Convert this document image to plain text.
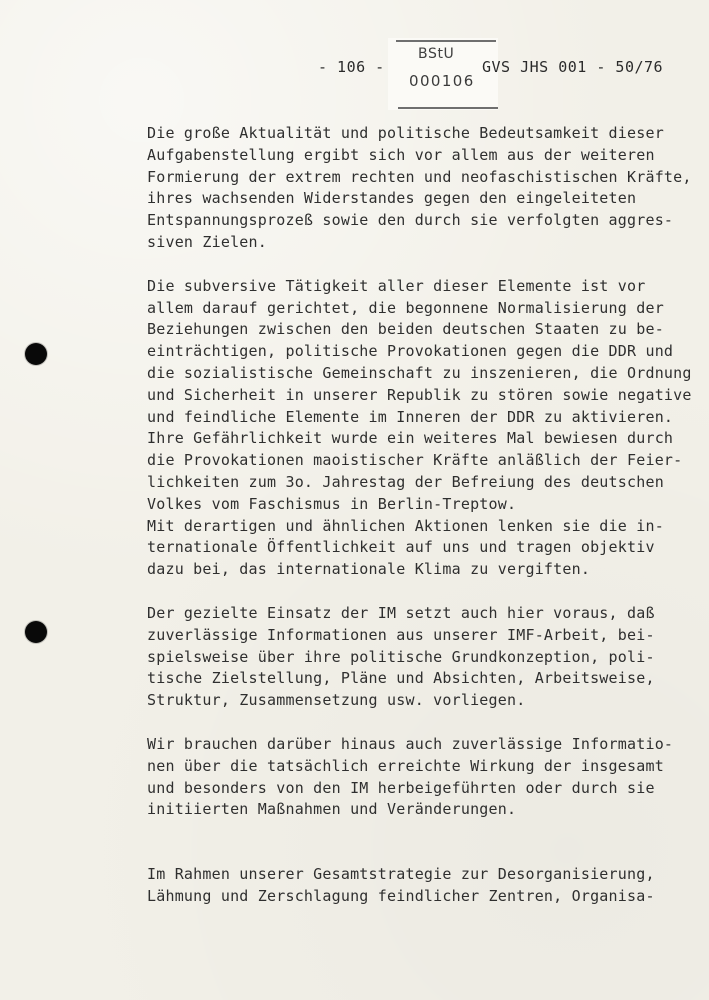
- 106 -
BStU
000106
GVS JHS 001 - 50/76

Die große Aktualität und politische Bedeutsamkeit dieser
Aufgabenstellung ergibt sich vor allem aus der weiteren
Formierung der extrem rechten und neofaschistischen Kräfte,
ihres wachsenden Widerstandes gegen den eingeleiteten
Entspannungsprozeß sowie den durch sie verfolgten aggres-
siven Zielen.

Die subversive Tätigkeit aller dieser Elemente ist vor
allem darauf gerichtet, die begonnene Normalisierung der
Beziehungen zwischen den beiden deutschen Staaten zu be-
einträchtigen, politische Provokationen gegen die DDR und
die sozialistische Gemeinschaft zu inszenieren, die Ordnung
und Sicherheit in unserer Republik zu stören sowie negative
und feindliche Elemente im Inneren der DDR zu aktivieren.
Ihre Gefährlichkeit wurde ein weiteres Mal bewiesen durch
die Provokationen maoistischer Kräfte anläßlich der Feier-
lichkeiten zum 3o. Jahrestag der Befreiung des deutschen
Volkes vom Faschismus in Berlin-Treptow.

Mit derartigen und ähnlichen Aktionen lenken sie die in-
ternationale Öffentlichkeit auf uns und tragen objektiv
dazu bei, das internationale Klima zu vergiften.

Der gezielte Einsatz der IM setzt auch hier voraus, daß
zuverlässige Informationen aus unserer IMF-Arbeit, bei-
spielsweise über ihre politische Grundkonzeption, poli-
tische Zielstellung, Pläne und Absichten, Arbeitsweise,
Struktur, Zusammensetzung usw. vorliegen.

Wir brauchen darüber hinaus auch zuverlässige Informatio-
nen über die tatsächlich erreichte Wirkung der insgesamt
und besonders von den IM herbeigeführten oder durch sie
initiierten Maßnahmen und Veränderungen.

Im Rahmen unserer Gesamtstrategie zur Desorganisierung,
Lähmung und Zerschlagung feindlicher Zentren, Organisa-
